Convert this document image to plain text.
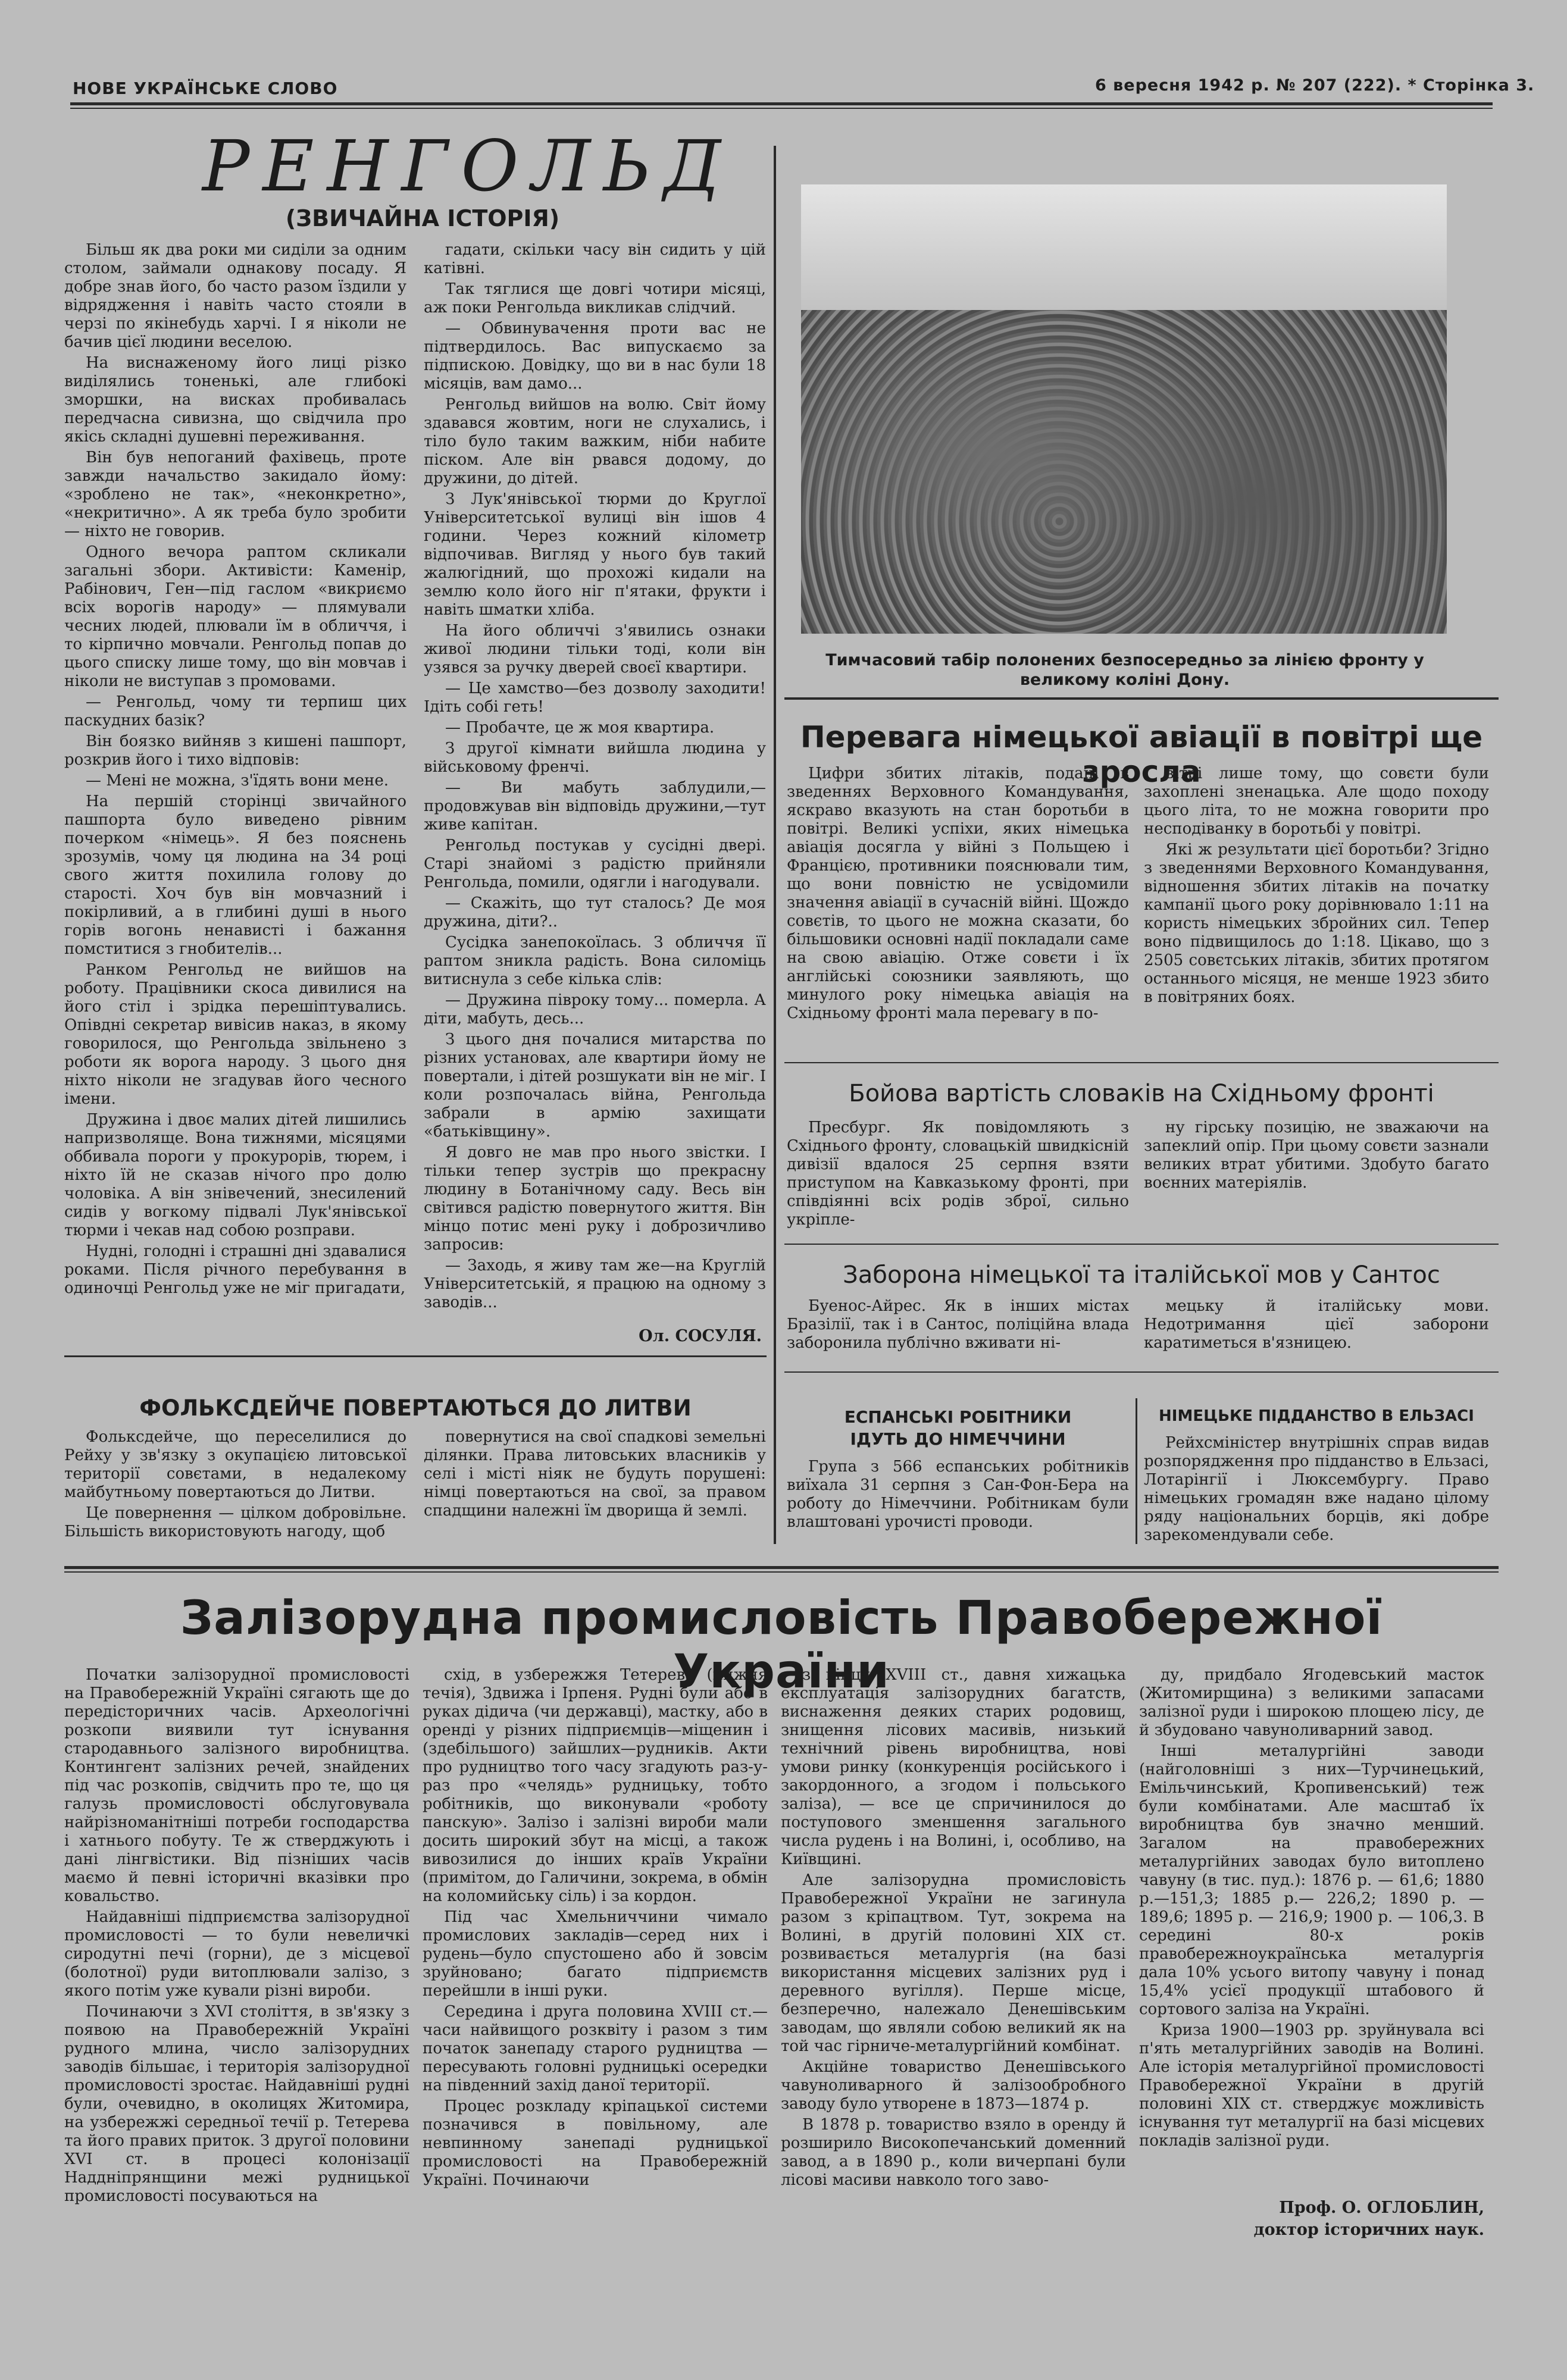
НОВЕ УКРАЇНСЬКЕ СЛОВО	6 вересня 1942 р. № 207 (222). * Сторінка 3.
РЕНГОЛЬД
(ЗВИЧАЙНА ІСТОРІЯ)

Більш як два роки ми сиділи за одним столом, займали однакову посаду. Я добре знав його, бо часто разом їздили у відрядження і навіть часто стояли в черзі по якінебудь харчі. І я ніколи не бачив цієї людини веселою.

На виснаженому його лиці різко виділялись тоненькі, але глибокі зморшки, на висках пробивалась передчасна сивизна, що свідчила про якісь складні душевні переживання.

Він був непоганий фахівець, проте завжди начальство закидало йому: «зроблено не так», «неконкретно», «некритично». А як треба було зробити — ніхто не говорив.

Одного вечора раптом скликали загальні збори. Активісти: Каменір, Рабінович, Ген—під гаслом «викриємо всіх ворогів народу» — плямували чесних людей, плювали їм в обличчя, і то кірпично мовчали. Ренгольд попав до цього списку лише тому, що він мовчав і ніколи не виступав з промовами.

— Ренгольд, чому ти терпиш цих паскудних базік?

Він боязко вийняв з кишені пашпорт, розкрив його і тихо відповів:

— Мені не можна, з'їдять вони мене.

На першій сторінці звичайного пашпорта було виведено рівним почерком «німець». Я без пояснень зрозумів, чому ця людина на 34 році свого життя похилила голову до старості. Хоч був він мовчазний і покірливий, а в глибині душі в нього горів вогонь ненависті і бажання помститися з гнобителів...

Ранком Ренгольд не вийшов на роботу. Працівники скоса дивилися на його стіл і зрідка перешіптувались. Опівдні секретар вивісив наказ, в якому говорилося, що Ренгольда звільнено з роботи як ворога народу. З цього дня ніхто ніколи не згадував його чесного імени.

Дружина і двоє малих дітей лишились напризволяще. Вона тижнями, місяцями оббивала пороги у прокурорів, тюрем, і ніхто їй не сказав нічого про долю чоловіка. А він знівечений, знесилений сидів у вогкому підвалі Лук'янівської тюрми і чекав над собою розправи.

Нудні, голодні і страшні дні здавалися роками. Після річного перебування в одиночці Ренгольд уже не міг пригадати,

гадати, скільки часу він сидить у цій катівні.

Так тяглися ще довгі чотири місяці, аж поки Ренгольда викликав слідчий.

— Обвинувачення проти вас не підтвердилось. Вас випускаємо за підпискою. Довідку, що ви в нас були 18 місяців, вам дамо...

Ренгольд вийшов на волю. Світ йому здавався жовтим, ноги не слухались, і тіло було таким важким, ніби набите піском. Але він рвався додому, до дружини, до дітей.

З Лук'янівської тюрми до Круглої Університетської вулиці він ішов 4 години. Через кожний кілометр відпочивав. Вигляд у нього був такий жалюгідний, що прохожі кидали на землю коло його ніг п'ятаки, фрукти і навіть шматки хліба.

На його обличчі з'явились ознаки живої людини тільки тоді, коли він узявся за ручку дверей своєї квартири.

— Це хамство—без дозволу заходити! Ідіть собі геть!

— Пробачте, це ж моя квартира.

З другої кімнати вийшла людина у військовому френчі.

— Ви мабуть заблудили,—продовжував він відповідь дружини,—тут живе капітан.

Ренгольд постукав у сусідні двері. Старі знайомі з радістю прийняли Ренгольда, помили, одягли і нагодували.

— Скажіть, що тут сталось? Де моя дружина, діти?..

Сусідка занепокоїлась. З обличчя її раптом зникла радість. Вона силоміць витиснула з себе кілька слів:

— Дружина півроку тому... померла. А діти, мабуть, десь...

З цього дня почалися митарства по різних установах, але квартири йому не повертали, і дітей розшукати він не міг. І коли розпочалась війна, Ренгольда забрали в армію захищати «батьківщину».

Я довго не мав про нього звістки. І тільки тепер зустрів що прекрасну людину в Ботанічному саду. Весь він світився радістю повернутого життя. Він мінцо потис мені руку і доброзичливо запросив:

— Заходь, я живу там же—на Круглій Університетській, я працюю на одному з заводів...

Ол. СОСУЛЯ.
ФОЛЬКСДЕЙЧЕ ПОВЕРТАЮТЬСЯ ДО ЛИТВИ

Фольксдейче, що переселилися до Рейху у зв'язку з окупацією литовської території совєтами, в недалекому майбутньому повертаються до Литви.

Це повернення — цілком добровільне. Більшість використовують нагоду, щоб

повернутися на свої спадкові земельні ділянки. Права литовських власників у селі і місті ніяк не будуть порушені: німці повертаються на свої, за правом спадщини належні їм дворища й землі.

Тимчасовий табір полонених безпосередньо за лінією фронту у великому коліні Дону.
Перевага німецької авіації в повітрі ще зросла

Цифри збитих літаків, подані в зведеннях Верховного Командування, яскраво вказують на стан боротьби в повітрі. Великі успіхи, яких німецька авіація досягла у війні з Польщею і Францією, противники пояснювали тим, що вони повністю не усвідомили значення авіації в сучасній війні. Щождо совєтів, то цього не можна сказати, бо більшовики основні надії покладали саме на свою авіацію. Отже совєти і їх англійські союзники заявляють, що минулого року німецька авіація на Східньому фронті мала перевагу в по-

вітрі лише тому, що совєти були захоплені зненацька. Але щодо походу цього літа, то не можна говорити про несподіванку в боротьбі у повітрі.

Які ж результати цієї боротьби? Згідно з зведеннями Верховного Командування, відношення збитих літаків на початку кампанії цього року дорівнювало 1:11 на користь німецьких збройних сил. Тепер воно підвищилось до 1:18. Цікаво, що з 2505 совєтських літаків, збитих протягом останнього місяця, не менше 1923 збито в повітряних боях.

Бойова вартість словаків на Східньому фронті

Пресбург. Як повідомляють з Східнього фронту, словацькій швидкісній дивізії вдалося 25 серпня взяти приступом на Кавказькому фронті, при співдіянні всіх родів зброї, сильно укріпле-

ну гірську позицію, не зважаючи на запеклий опір. При цьому совєти зазнали великих втрат убитими. Здобуто багато воєнних матеріялів.

Заборона німецької та італійської мов у Сантос

Буенос-Айрес. Як в інших містах Бразілії, так і в Сантос, поліційна влада заборонила публічно вживати ні-

мецьку й італійську мови. Недотримання цієї заборони каратиметься в'язницею.

ЕСПАНСЬКІ РОБІТНИКИ
ІДУТЬ ДО НІМЕЧЧИНИ

Група з 566 еспанських робітників виїхала 31 серпня з Сан-Фон-Бера на роботу до Німеччини. Робітникам були влаштовані урочисті проводи.

НІМЕЦЬКЕ ПІДДАНСТВО В ЕЛЬЗАСІ

Рейхсміністер внутрішніх справ видав розпорядження про підданство в Ельзасі, Лотарінгії і Люксембургу. Право німецьких громадян вже надано цілому ряду національних борців, які добре зарекомендували себе.

Залізорудна промисловість Правобережної України

Початки залізорудної промисловості на Правобережній Україні сягають ще до передісторичних часів. Археологічні розкопи виявили тут існування стародавнього залізного виробництва. Контингент залізних речей, знайдених під час розкопів, свідчить про те, що ця галузь промисловості обслуговувала найрізноманітніші потреби господарства і хатнього побуту. Те ж стверджують і дані лінгвістики. Від пізніших часів маємо й певні історичні вказівки про ковальство.

Найдавніші підприємства залізорудної промисловості — то були невеличкі сиродутні печі (горни), де з місцевої (болотної) руди витоплювали залізо, з якого потім уже кували різні вироби.

Починаючи з XVI століття, в зв'язку з появою на Правобережній Україні рудного млина, число залізорудних заводів більшає, і територія залізорудної промисловості зростає. Найдавніші рудні були, очевидно, в околицях Житомира, на узбережжі середньої течії р. Тетерева та його правих приток. З другої половини XVI ст. в процесі колонізації Наддніпрянщини межі рудницької промисловості посуваються на

схід, в узбережжя Тетерева (нижня течія), Здвижа і Ірпеня. Рудні були або в руках дідича (чи державці), мастку, або в оренді у різних підприємців—міщенин і (здебільшого) зайшлих—рудників. Акти про рудництво того часу згадують раз-у-раз про «челядь» рудницьку, тобто робітників, що виконували «роботу панскую». Залізо і залізні вироби мали досить широкий збут на місці, а також вивозилися до інших країв України (примітом, до Галичини, зокрема, в обмін на коломийську сіль) і за кордон.

Під час Хмельниччини чимало промислових закладів—серед них і рудень—було спустошено або й зовсім зруйновано; багато підприємств перейшли в інші руки.

Середина і друга половина XVIII ст.—часи найвищого розквіту і разом з тим початок занепаду старого рудництва — пересувають головні рудницькі осередки на південний захід даної території.

Процес розкладу кріпацької системи позначився в повільному, але невпинному занепаді рудницької промисловості на Правобережній Україні. Починаючи

з кінця XVIII ст., давня хижацька експлуатація залізорудних багатств, виснаження деяких старих родовищ, знищення лісових масивів, низький технічний рівень виробництва, нові умови ринку (конкуренція російського і закордонного, а згодом і польського заліза), — все це спричинилося до поступового зменшення загального числа рудень і на Волині, і, особливо, на Київщині.

Але залізорудна промисловість Правобережної України не загинула разом з кріпацтвом. Тут, зокрема на Волині, в другій половині XIX ст. розвивається металургія (на базі використання місцевих залізних руд і деревного вугілля). Перше місце, безперечно, належало Денешівським заводам, що являли собою великий як на той час гірниче-металургійний комбінат.

Акційне товариство Денешівського чавуноливарного й залізообробного заводу було утворене в 1873—1874 р.

В 1878 р. товариство взяло в оренду й розширило Високопечанський доменний завод, а в 1890 р., коли вичерпані були лісові масиви навколо того заво-

ду, придбало Ягодевський масток (Житомирщина) з великими запасами залізної руди і широкою площею лісу, де й збудовано чавуноливарний завод.

Інші металургійні заводи (найголовніші з них—Турчинецький, Емільчинський, Кропивенський) теж були комбінатами. Але масштаб їх виробництва був значно менший. Загалом на правобережних металургійних заводах було витоплено чавуну (в тис. пуд.): 1876 р. — 61,6; 1880 р.—151,3; 1885 р.— 226,2; 1890 р. — 189,6; 1895 р. — 216,9; 1900 р. — 106,3. В середині 80-х років правобережноукраїнська металургія дала 10% усього витопу чавуну і понад 15,4% усієї продукції штабового й сортового заліза на Україні.

Криза 1900—1903 рр. зруйнувала всі п'ять металургійних заводів на Волині. Але історія металургійної промисловості Правобережної України в другій половині XIX ст. стверджує можливість існування тут металургії на базі місцевих покладів залізної руди.

Проф. О. ОГЛОБЛИН,
доктор історичних наук.
